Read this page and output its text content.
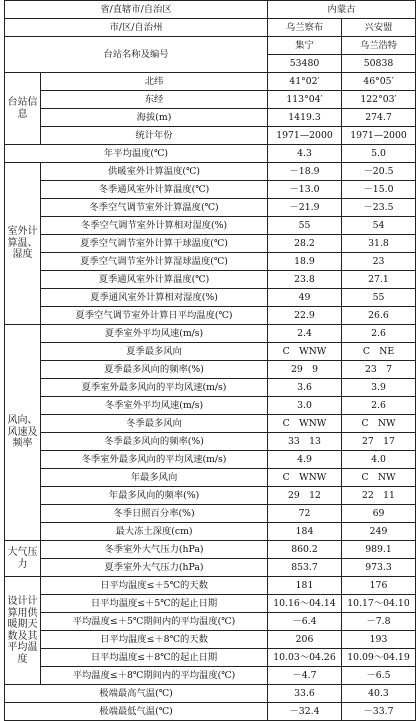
省/直辖市/自治区		内蒙古	
市/区/自治州		乌兰察布	兴安盟
台站名称及编号		集宁	乌兰浩特
		53480	50838
台站信息	北纬	41°02′	46°05′
	东经	113°04′	122°03′
	海拔(m)	1419.3	274.7
	统计年份	1971—2000	1971—2000
年平均温度(℃)		4.3	5.0
室外计算温、湿度	供暖室外计算温度(℃)	－18.9	－20.5
	冬季通风室外计算温度(℃)	－13.0	－15.0
	冬季空气调节室外计算温度(℃)	－21.9	－23.5
	冬季空气调节室外计算相对湿度(%)	55	54
	夏季空气调节室外计算干球温度(℃)	28.2	31.8
	夏季空气调节室外计算湿球温度(℃)	18.9	23
	夏季通风室外计算温度(℃)	23.8	27.1
	夏季通风室外计算相对湿度(%)	49	55
	夏季空气调节室外计算日平均温度(℃)	22.9	26.6
风向、风速及频率	夏季室外平均风速(m/s)	2.4	2.6
	夏季最多风向	C　WNW	C　NE
	夏季最多风向的频率(%)	29　9	23　7
	夏季室外最多风向的平均风速(m/s)	3.6	3.9
	冬季室外平均风速(m/s)	3.0	2.6
	冬季最多风向	C　WNW	C　NW
	冬季最多风向的频率(%)	33　13	27　17
	冬季室外最多风向的平均风速(m/s)	4.9	4.0
	年最多风向	C　WNW	C　NW
	年最多风向的频率(%)	29　12	22　11
	冬季日照百分率(%)	72	69
	最大冻土深度(cm)	184	249
大气压力	冬季室外大气压力(hPa)	860.2	989.1
	夏季室外大气压力(hPa)	853.7	973.3
设计计算用供暖期天数及其平均温度	日平均温度≤＋5℃的天数	181	176
	日平均温度≤＋5℃的起止日期	10.16～04.14	10.17～04.10
	平均温度≤＋5℃期间内的平均温度(℃)	－6.4	－7.8
	日平均温度≤＋8℃的天数	206	193
	日平均温度≤＋8℃的起止日期	10.03～04.26	10.09～04.19
	平均温度≤＋8℃期间内的平均温度(℃)	－4.7	－6.5
极端最高气温(℃)		33.6	40.3
极端最低气温(℃)		－32.4	－33.7
